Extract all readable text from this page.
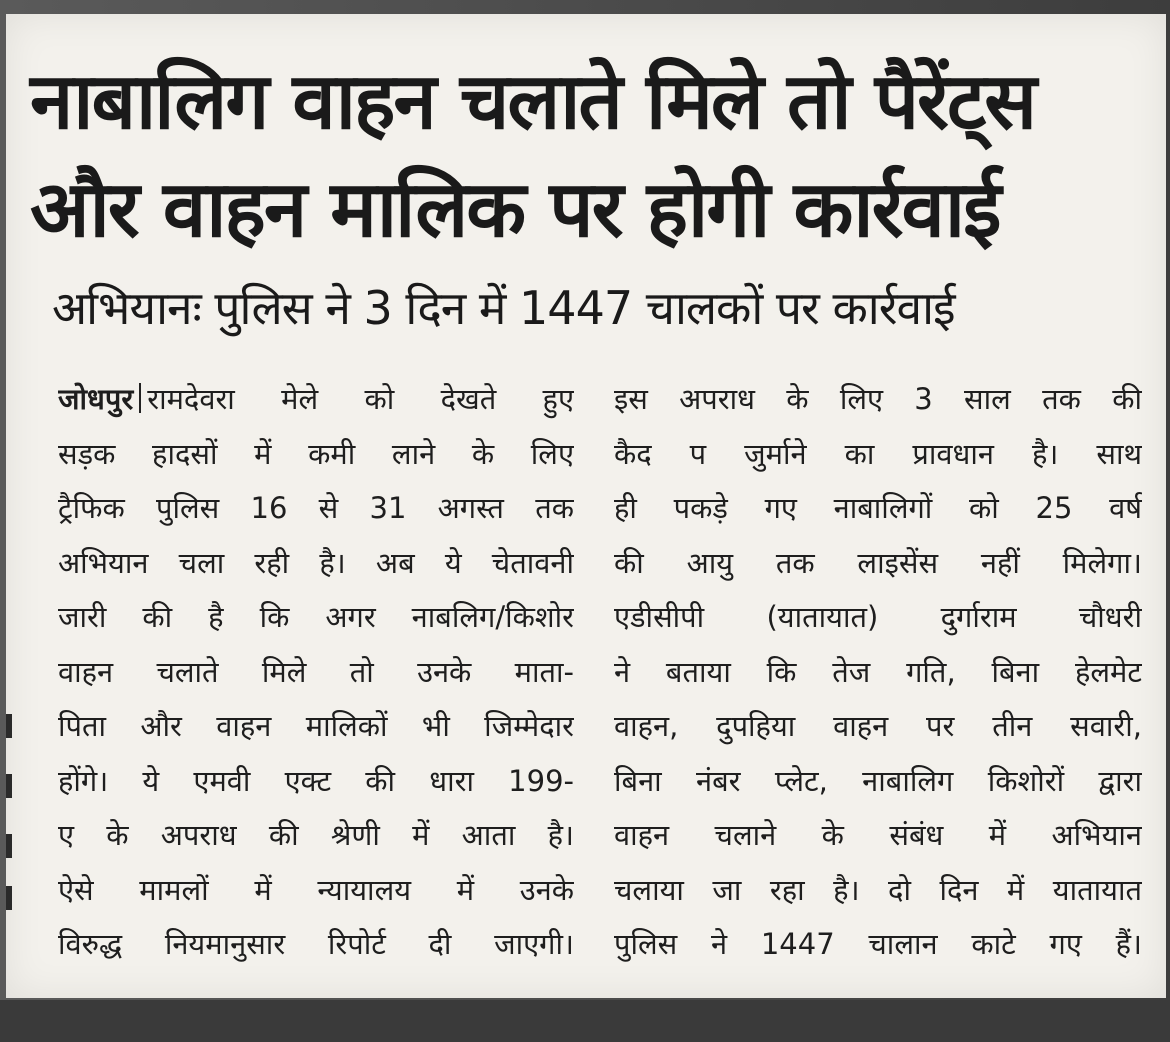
नाबालिग वाहन चलाते मिले तो पैरेंट्स
और वाहन मालिक पर होगी कार्रवाई
अभियानः पुलिस ने 3 दिन में 1447 चालकों पर कार्रवाई
जोधपुर रामदेवरा मेले को देखते हुए
सड़क हादसों में कमी लाने के लिए
ट्रैफिक पुलिस 16 से 31 अगस्त तक
अभियान चला रही है। अब ये चेतावनी
जारी की है कि अगर नाबलिग/किशोर
वाहन चलाते मिले तो उनके माता-
पिता और वाहन मालिकों भी जिम्मेदार
होंगे। ये एमवी एक्ट की धारा 199-
ए के अपराध की श्रेणी में आता है।
ऐसे मामलों में न्यायालय में उनके
विरुद्ध नियमानुसार रिपोर्ट दी जाएगी।
इस अपराध के लिए 3 साल तक की
कैद प जुर्माने का प्रावधान है। साथ
ही पकड़े गए नाबालिगों को 25 वर्ष
की आयु तक लाइसेंस नहीं मिलेगा।
एडीसीपी (यातायात) दुर्गाराम चौधरी
ने बताया कि तेज गति, बिना हेलमेट
वाहन, दुपहिया वाहन पर तीन सवारी,
बिना नंबर प्लेट, नाबालिग किशोरों द्वारा
वाहन चलाने के संबंध में अभियान
चलाया जा रहा है। दो दिन में यातायात
पुलिस ने 1447 चालान काटे गए हैं।
